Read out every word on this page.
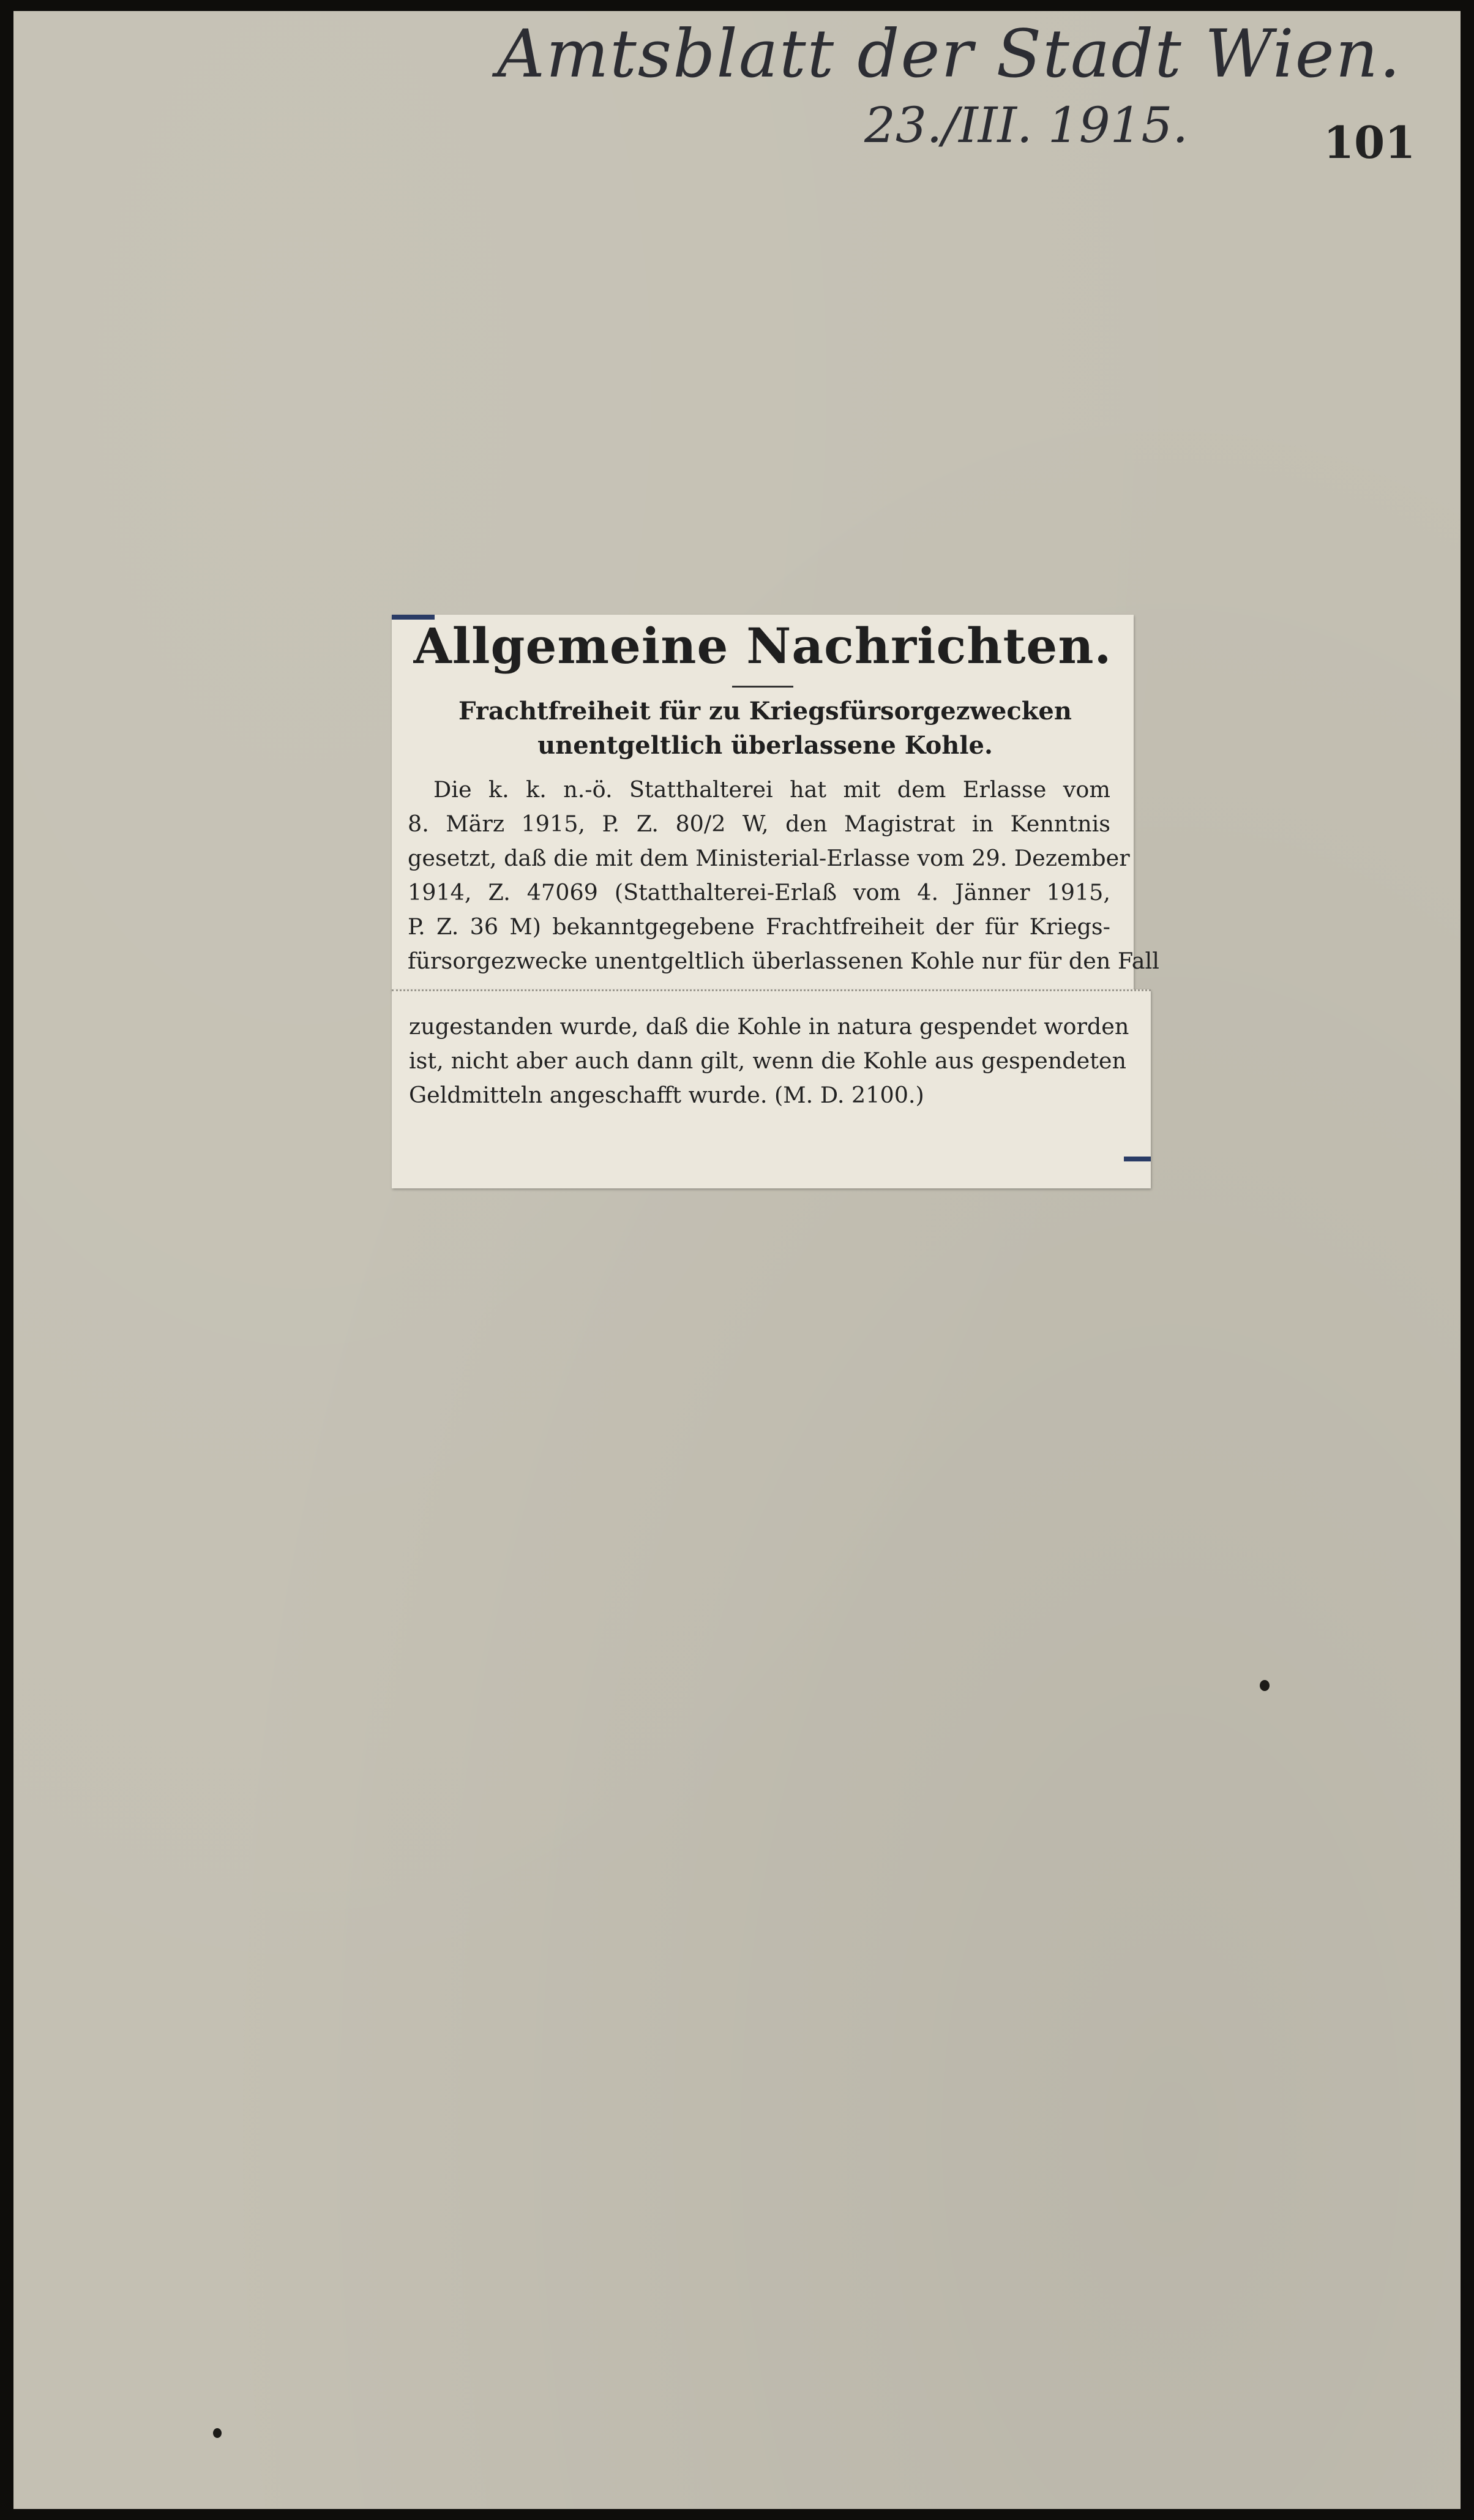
Amtsblatt der Stadt Wien.
23./III. 1915.	101
Allgemeine Nachrichten.
Frachtfreiheit für zu Kriegsfürsorgezwecken unentgeltlich überlassene Kohle.
Die k. k. n.-ö. Statthalterei hat mit dem Erlasse vom
8. März 1915, P. Z. 80/2 W, den Magistrat in Kenntnis
gesetzt, daß die mit dem Ministerial-Erlasse vom 29. Dezember
1914, Z. 47069 (Statthalterei-Erlaß vom 4. Jänner 1915,
P. Z. 36 M) bekanntgegebene Frachtfreiheit der für Kriegs-
fürsorgezwecke unentgeltlich überlassenen Kohle nur für den Fall
zugestanden wurde, daß die Kohle in natura gespendet worden
ist, nicht aber auch dann gilt, wenn die Kohle aus gespendeten
Geldmitteln angeschafft wurde. (M. D. 2100.)
